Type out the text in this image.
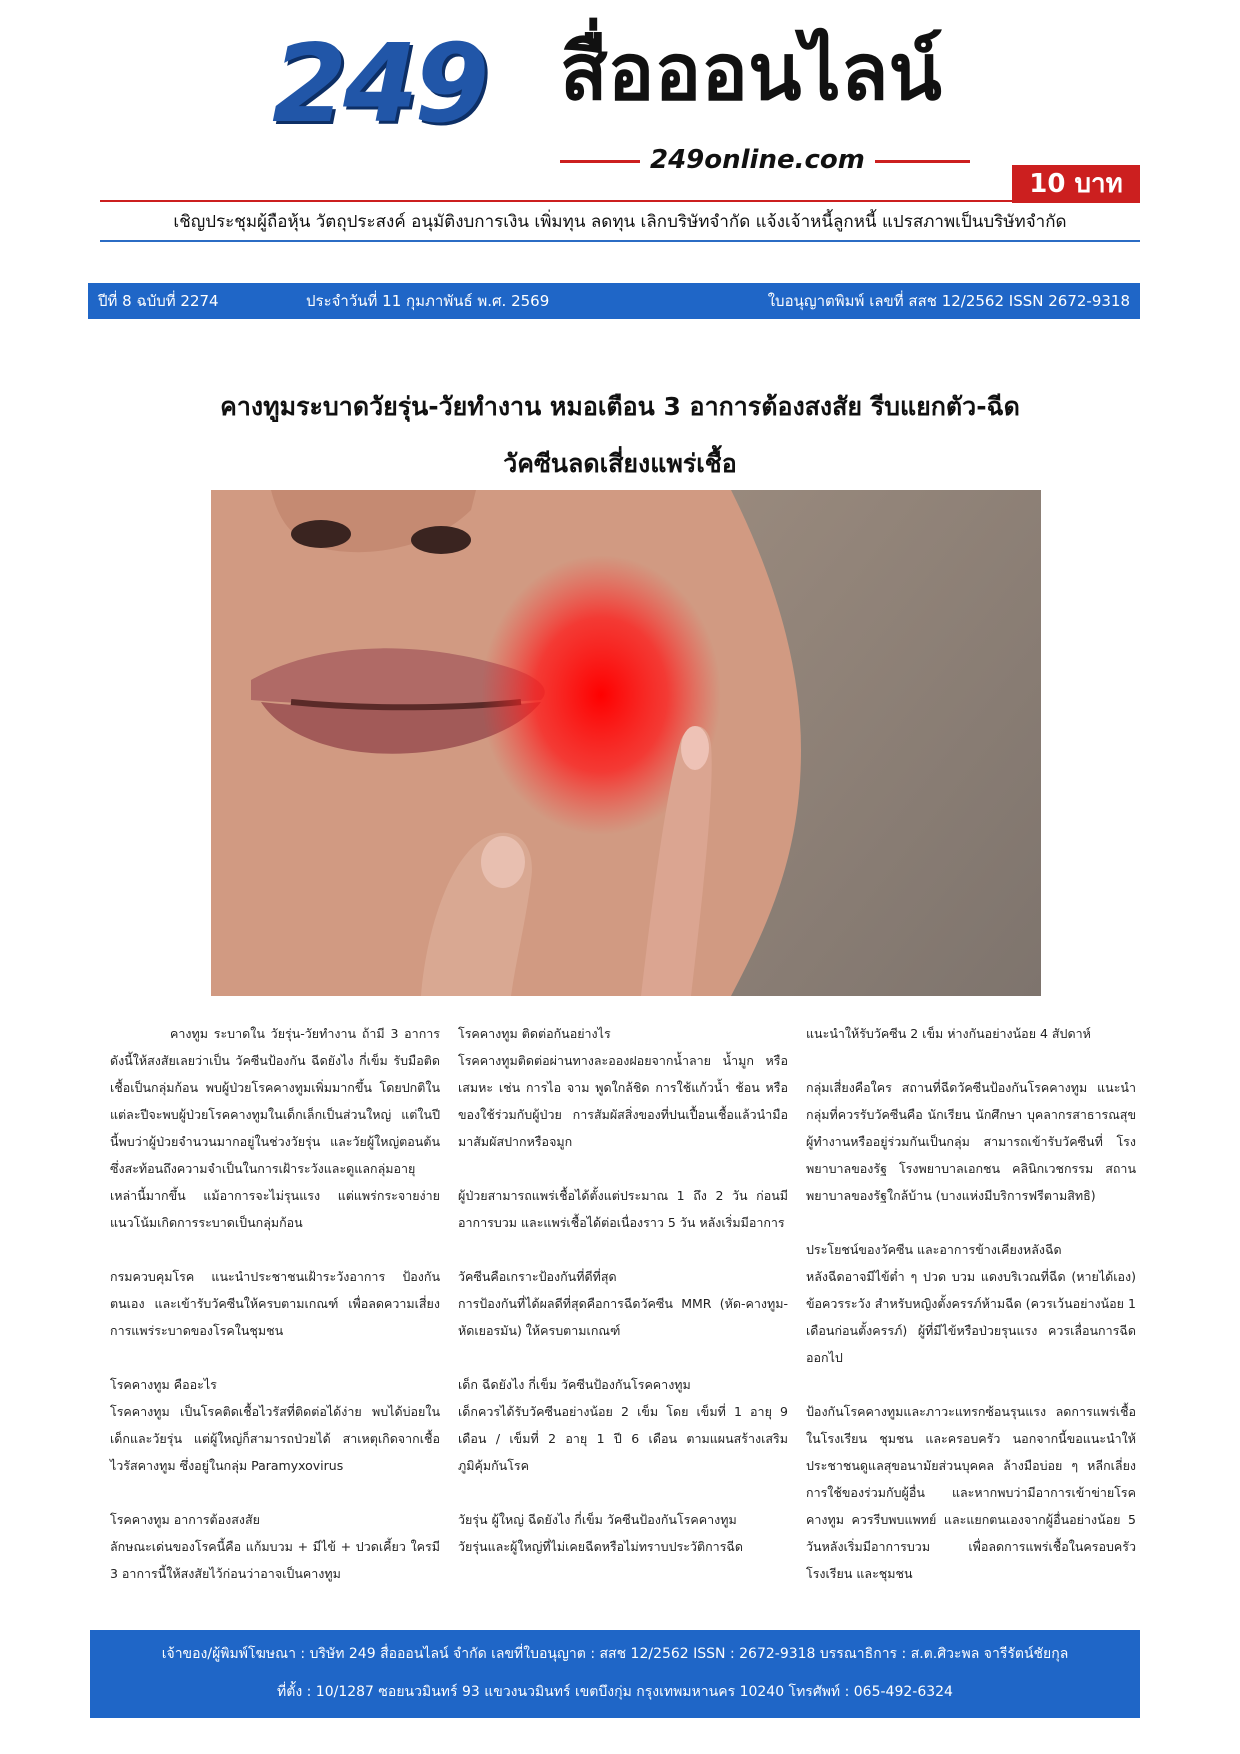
249 สื่อออนไลน์
249online.com
10 บาท
เชิญประชุมผู้ถือหุ้น วัตถุประสงค์ อนุมัติงบการเงิน เพิ่มทุน ลดทุน เลิกบริษัทจำกัด แจ้งเจ้าหนี้ลูกหนี้ แปรสภาพเป็นบริษัทจำกัด
ปีที่ 8 ฉบับที่ 2274	ประจำวันที่ 11 กุมภาพันธ์ พ.ศ. 2569	ใบอนุญาตพิมพ์ เลขที่ สสช 12/2562 ISSN 2672-9318
คางทูมระบาดวัยรุ่น-วัยทำงาน หมอเตือน 3 อาการต้องสงสัย รีบแยกตัว-ฉีด
วัคซีนลดเสี่ยงแพร่เชื้อ

คางทูม ระบาดใน วัยรุ่น-วัยทำงาน ถ้ามี 3 อาการดังนี้ให้สงสัยเลยว่าเป็น วัคซีนป้องกัน ฉีดยังไง กี่เข็ม รับมือติดเชื้อเป็นกลุ่มก้อน พบผู้ป่วยโรคคางทูมเพิ่มมากขึ้น โดยปกติในแต่ละปีจะพบผู้ป่วยโรคคางทูมในเด็กเล็กเป็นส่วนใหญ่ แต่ในปีนี้พบว่าผู้ป่วยจำนวนมากอยู่ในช่วงวัยรุ่น และวัยผู้ใหญ่ตอนต้น ซึ่งสะท้อนถึงความจำเป็นในการเฝ้าระวังและดูแลกลุ่มอายุเหล่านี้มากขึ้น แม้อาการจะไม่รุนแรง แต่แพร่กระจายง่าย แนวโน้มเกิดการระบาดเป็นกลุ่มก้อน

กรมควบคุมโรค แนะนำประชาชนเฝ้าระวังอาการ ป้องกันตนเอง และเข้ารับวัคซีนให้ครบตามเกณฑ์ เพื่อลดความเสี่ยงการแพร่ระบาดของโรคในชุมชน

โรคคางทูม คืออะไร
โรคคางทูม เป็นโรคติดเชื้อไวรัสที่ติดต่อได้ง่าย พบได้บ่อยในเด็กและวัยรุ่น แต่ผู้ใหญ่ก็สามารถป่วยได้ สาเหตุเกิดจากเชื้อไวรัสคางทูม ซึ่งอยู่ในกลุ่ม Paramyxovirus

โรคคางทูม อาการต้องสงสัย
ลักษณะเด่นของโรคนี้คือ แก้มบวม + มีไข้ + ปวดเคี้ยว ใครมี 3 อาการนี้ให้สงสัยไว้ก่อนว่าอาจเป็นคางทูม

โรคคางทูม ติดต่อกันอย่างไร

โรคคางทูมติดต่อผ่านทางละอองฝอยจากน้ำลาย น้ำมูก หรือเสมหะ เช่น การไอ จาม พูดใกล้ชิด การใช้แก้วน้ำ ช้อน หรือของใช้ร่วมกับผู้ป่วย การสัมผัสสิ่งของที่ปนเปื้อนเชื้อแล้วนำมือมาสัมผัสปากหรือจมูก

ผู้ป่วยสามารถแพร่เชื้อได้ตั้งแต่ประมาณ 1 ถึง 2 วัน ก่อนมีอาการบวม และแพร่เชื้อได้ต่อเนื่องราว 5 วัน หลังเริ่มมีอาการ

วัคซีนคือเกราะป้องกันที่ดีที่สุด
การป้องกันที่ได้ผลดีที่สุดคือการฉีดวัคซีน MMR (หัด-คางทูม-หัดเยอรมัน) ให้ครบตามเกณฑ์

เด็ก ฉีดยังไง กี่เข็ม วัคซีนป้องกันโรคคางทูม
เด็กควรได้รับวัคซีนอย่างน้อย 2 เข็ม โดย เข็มที่ 1 อายุ 9 เดือน / เข็มที่ 2 อายุ 1 ปี 6 เดือน ตามแผนสร้างเสริมภูมิคุ้มกันโรค

วัยรุ่น ผู้ใหญ่ ฉีดยังไง กี่เข็ม วัคซีนป้องกันโรคคางทูม
วัยรุ่นและผู้ใหญ่ที่ไม่เคยฉีดหรือไม่ทราบประวัติการฉีด

แนะนำให้รับวัคซีน 2 เข็ม ห่างกันอย่างน้อย 4 สัปดาห์

กลุ่มเสี่ยงคือใคร สถานที่ฉีดวัคซีนป้องกันโรคคางทูม แนะนำกลุ่มที่ควรรับวัคซีนคือ นักเรียน นักศึกษา บุคลากรสาธารณสุข ผู้ทำงานหรืออยู่ร่วมกันเป็นกลุ่ม สามารถเข้ารับวัคซีนที่ โรงพยาบาลของรัฐ โรงพยาบาลเอกชน คลินิกเวชกรรม สถานพยาบาลของรัฐใกล้บ้าน (บางแห่งมีบริการฟรีตามสิทธิ)

ประโยชน์ของวัคซีน และอาการข้างเคียงหลังฉีด
หลังฉีดอาจมีไข้ต่ำ ๆ ปวด บวม แดงบริเวณที่ฉีด (หายได้เอง) ข้อควรระวัง สำหรับหญิงตั้งครรภ์ห้ามฉีด (ควรเว้นอย่างน้อย 1 เดือนก่อนตั้งครรภ์) ผู้ที่มีไข้หรือป่วยรุนแรง ควรเลื่อนการฉีดออกไป

ป้องกันโรคคางทูมและภาวะแทรกซ้อนรุนแรง ลดการแพร่เชื้อในโรงเรียน ชุมชน และครอบครัว นอกจากนี้ขอแนะนำให้ประชาชนดูแลสุขอนามัยส่วนบุคคล ล้างมือบ่อย ๆ หลีกเลี่ยงการใช้ของร่วมกับผู้อื่น และหากพบว่ามีอาการเข้าข่ายโรคคางทูม ควรรีบพบแพทย์ และแยกตนเองจากผู้อื่นอย่างน้อย 5 วันหลังเริ่มมีอาการบวม เพื่อลดการแพร่เชื้อในครอบครัว โรงเรียน และชุมชน

เจ้าของ/ผู้พิมพ์โฆษณา : บริษัท 249 สื่อออนไลน์ จำกัด เลขที่ใบอนุญาต : สสช 12/2562 ISSN : 2672-9318 บรรณาธิการ : ส.ต.ศิวะพล จารีรัตน์ชัยกุล
ที่ตั้ง : 10/1287 ซอยนวมินทร์ 93 แขวงนวมินทร์ เขตบึงกุ่ม กรุงเทพมหานคร 10240 โทรศัพท์ : 065-492-6324
